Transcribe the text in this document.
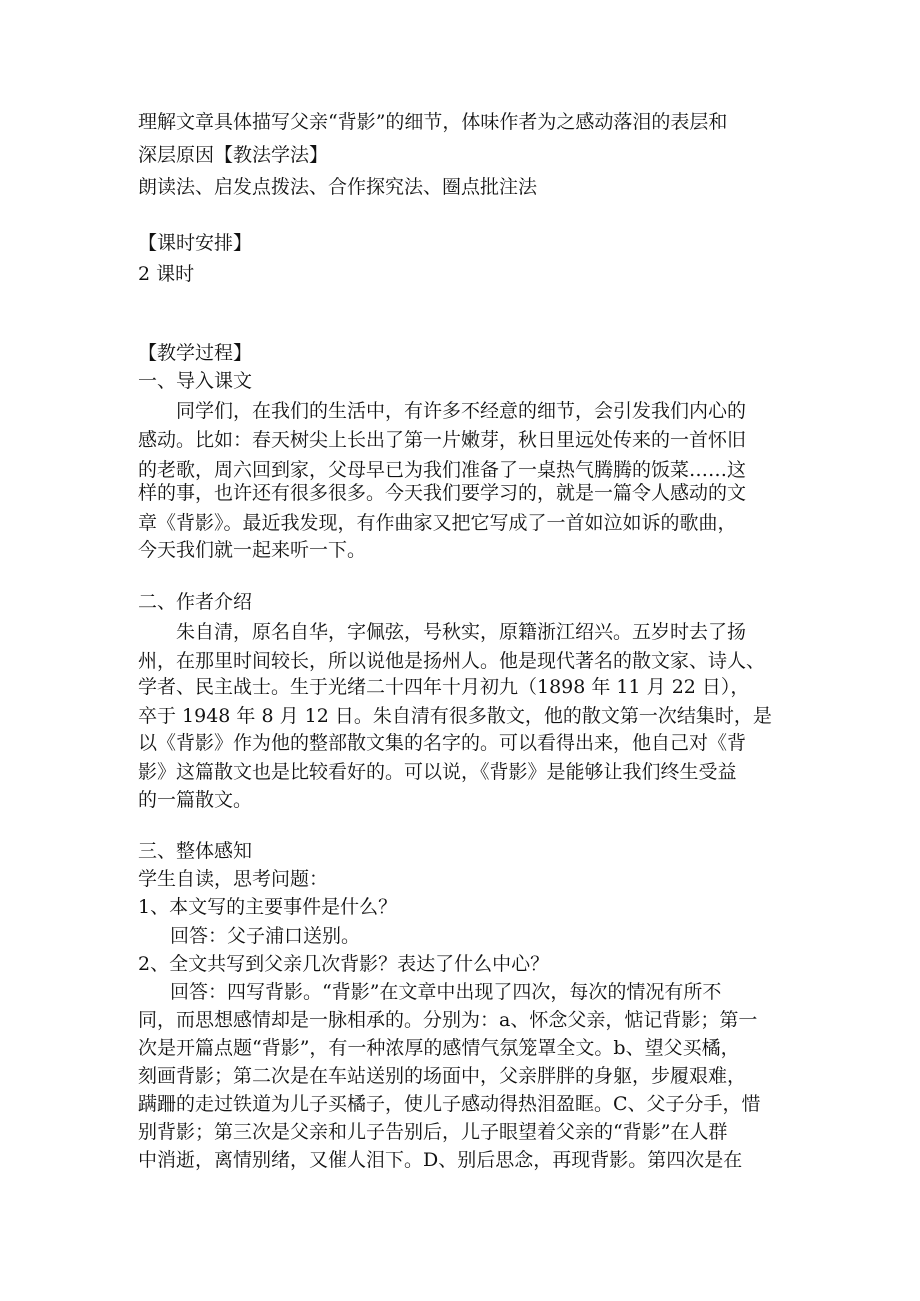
理解文章具体描写父亲“背影”的细节，体味作者为之感动落泪的表层和
深层原因【教法学法】
朗读法、启发点拨法、合作探究法、圈点批注法
【课时安排】
2 课时
【教学过程】
一、导入课文
同学们，在我们的生活中，有许多不经意的细节，会引发我们内心的
感动。比如：春天树尖上长出了第一片嫩芽，秋日里远处传来的一首怀旧
的老歌，周六回到家，父母早已为我们准备了一桌热气腾腾的饭菜……这
样的事，也许还有很多很多。今天我们要学习的，就是一篇令人感动的文
章《背影》。最近我发现，有作曲家又把它写成了一首如泣如诉的歌曲，
今天我们就一起来听一下。
二、作者介绍
朱自清，原名自华，字佩弦，号秋实，原籍浙江绍兴。五岁时去了扬
州，在那里时间较长，所以说他是扬州人。他是现代著名的散文家、诗人、
学者、民主战士。生于光绪二十四年十月初九（1898 年 11 月 22 日），
卒于 1948 年 8 月 12 日。朱自清有很多散文，他的散文第一次结集时，是
以《背影》作为他的整部散文集的名字的。可以看得出来，他自己对《背
影》这篇散文也是比较看好的。可以说，《背影》是能够让我们终生受益
的一篇散文。
三、整体感知
学生自读，思考问题：
1、本文写的主要事件是什么？
回答：父子浦口送别。
2、全文共写到父亲几次背影？表达了什么中心？
回答：四写背影。“背影”在文章中出现了四次，每次的情况有所不
同，而思想感情却是一脉相承的。分别为：a、怀念父亲，惦记背影；第一
次是开篇点题“背影”，有一种浓厚的感情气氛笼罩全文。b、望父买橘，
刻画背影；第二次是在车站送别的场面中，父亲胖胖的身躯，步履艰难，
蹒跚的走过铁道为儿子买橘子，使儿子感动得热泪盈眶。C、父子分手，惜
别背影；第三次是父亲和儿子告别后，儿子眼望着父亲的“背影”在人群
中消逝，离情别绪，又催人泪下。D、别后思念，再现背影。第四次是在
